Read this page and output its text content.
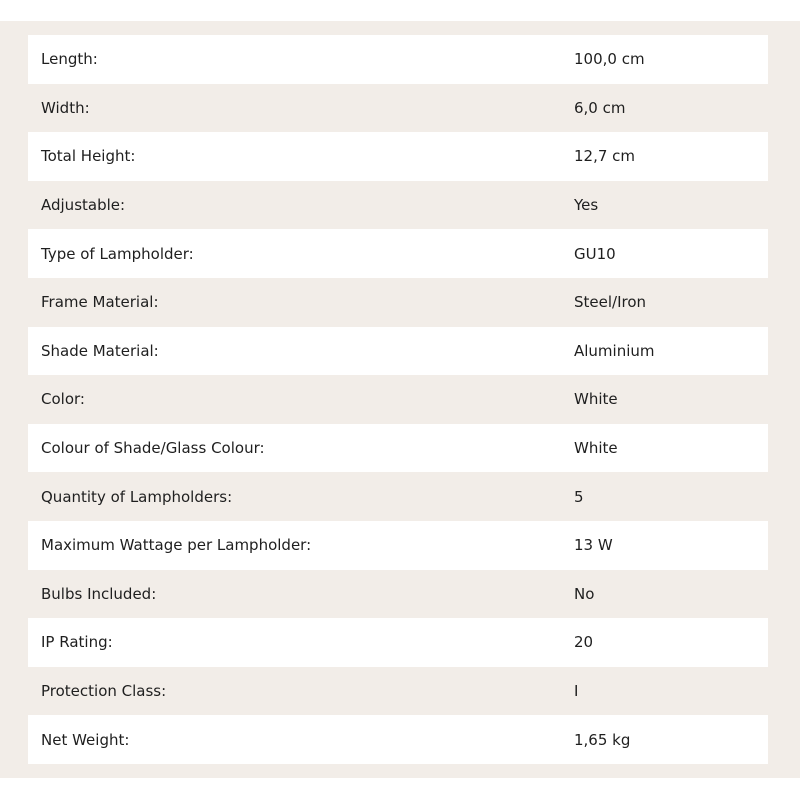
Length:	100,0 cm
Width:	6,0 cm
Total Height:	12,7 cm
Adjustable:	Yes
Type of Lampholder:	GU10
Frame Material:	Steel/Iron
Shade Material:	Aluminium
Color:	White
Colour of Shade/Glass Colour:	White
Quantity of Lampholders:	5
Maximum Wattage per Lampholder:	13 W
Bulbs Included:	No
IP Rating:	20
Protection Class:	I
Net Weight:	1,65 kg
